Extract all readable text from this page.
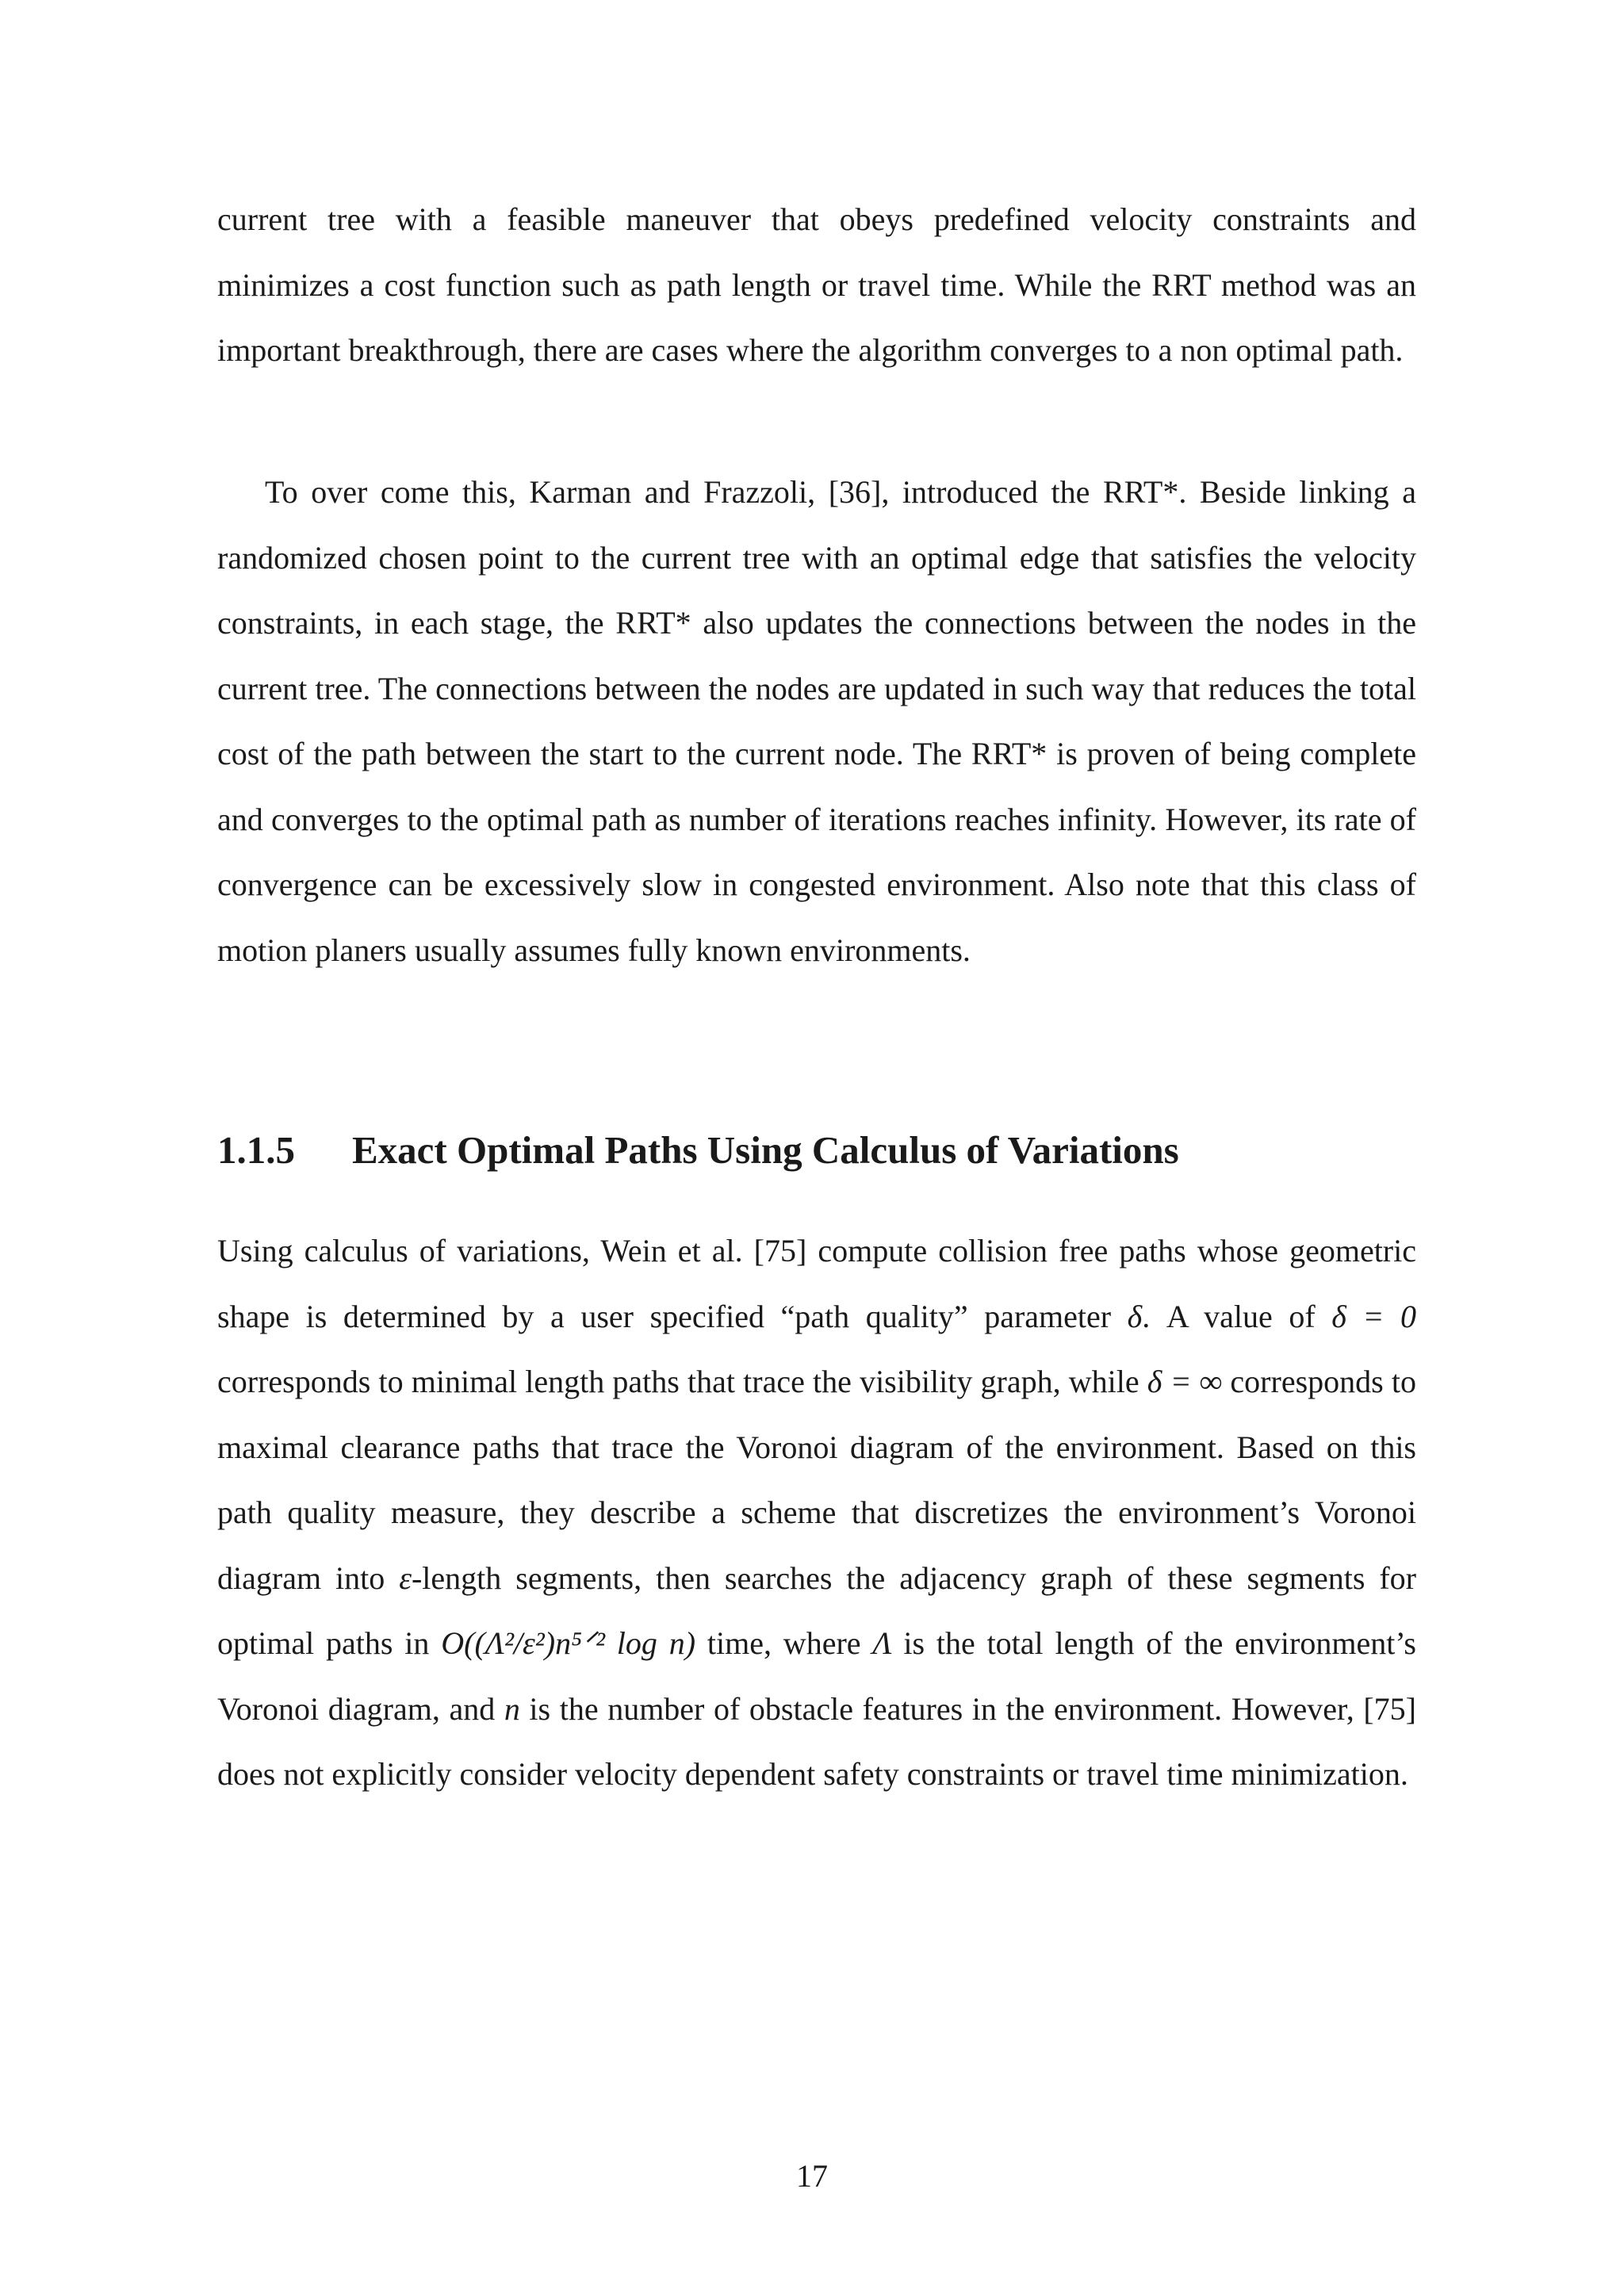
current tree with a feasible maneuver that obeys predefined velocity constraints and minimizes a cost function such as path length or travel time. While the RRT method was an important breakthrough, there are cases where the algorithm converges to a non optimal path.

To over come this, Karman and Frazzoli, [36], introduced the RRT*. Beside linking a randomized chosen point to the current tree with an optimal edge that satisfies the velocity constraints, in each stage, the RRT* also updates the connections between the nodes in the current tree. The connections between the nodes are updated in such way that reduces the total cost of the path between the start to the current node. The RRT* is proven of being complete and converges to the optimal path as number of iterations reaches infinity. However, its rate of convergence can be excessively slow in congested environment. Also note that this class of motion planers usually assumes fully known environments.

1.1.5 Exact Optimal Paths Using Calculus of Variations

Using calculus of variations, Wein et al. [75] compute collision free paths whose geometric shape is determined by a user specified “path quality” parameter δ. A value of δ = 0 corresponds to minimal length paths that trace the visibility graph, while δ = ∞ corresponds to maximal clearance paths that trace the Voronoi diagram of the environment. Based on this path quality measure, they describe a scheme that discretizes the environment’s Voronoi diagram into ε-length segments, then searches the adjacency graph of these segments for optimal paths in O((Λ²/ε²)n⁵ᐟ² log n) time, where Λ is the total length of the environment’s Voronoi diagram, and n is the number of obstacle features in the environment. However, [75] does not explicitly consider velocity dependent safety constraints or travel time minimization.

17
